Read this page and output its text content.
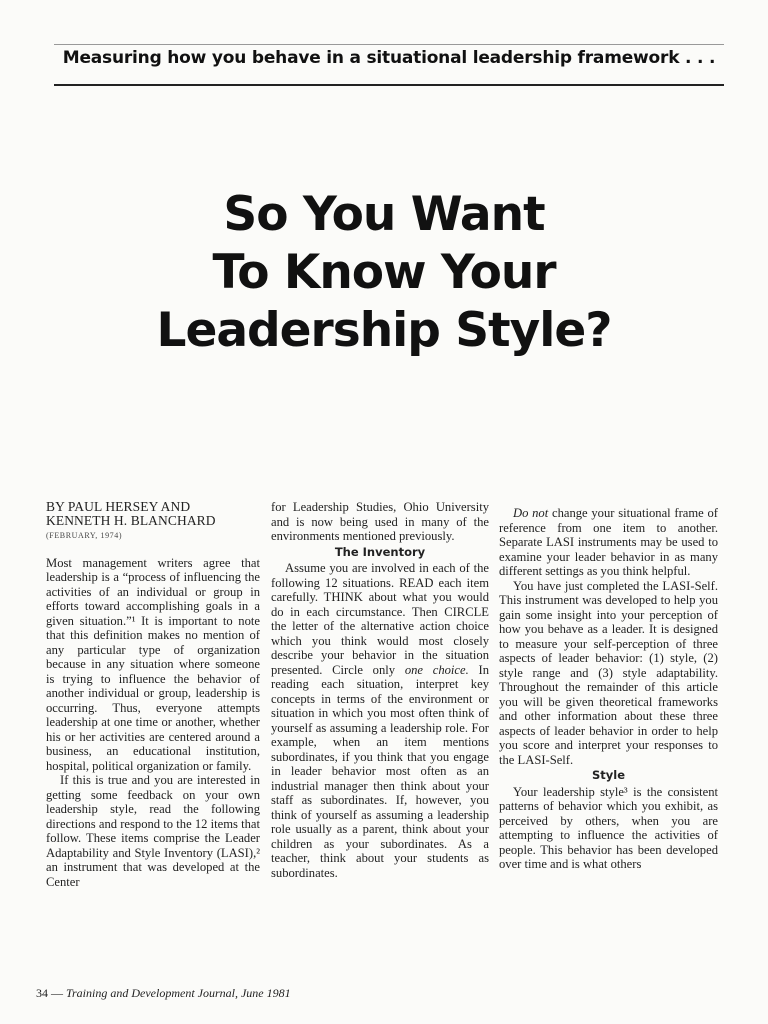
Measuring how you behave in a situational leadership framework . . .
So You Want
To Know Your
Leadership Style?
BY PAUL HERSEY AND
KENNETH H. BLANCHARD
(FEBRUARY, 1974)

Most management writers agree that leadership is a “process of influencing the activities of an individual or group in efforts toward accomplishing goals in a given situation.”¹ It is important to note that this definition makes no mention of any particular type of organization because in any situation where someone is trying to influence the behavior of another individual or group, leadership is occurring. Thus, everyone attempts leadership at one time or another, whether his or her activities are centered around a business, an educational institution, hospital, political organization or family.

If this is true and you are interested in getting some feedback on your own leadership style, read the following directions and respond to the 12 items that follow. These items comprise the Leader Adaptability and Style Inventory (LASI),² an instrument that was developed at the Center

for Leadership Studies, Ohio University and is now being used in many of the environments mentioned previously.

The Inventory

Assume you are involved in each of the following 12 situations. READ each item carefully. THINK about what you would do in each circumstance. Then CIRCLE the letter of the alternative action choice which you think would most closely describe your behavior in the situation presented. Circle only one choice. In reading each situation, interpret key concepts in terms of the environment or situation in which you most often think of yourself as assuming a leadership role. For example, when an item mentions subordinates, if you think that you engage in leader behavior most often as an industrial manager then think about your staff as subordinates. If, however, you think of yourself as assuming a leadership role usually as a parent, think about your children as your subordinates. As a teacher, think about your students as subordinates.

Do not change your situational frame of reference from one item to another. Separate LASI instruments may be used to examine your leader behavior in as many different settings as you think helpful.

You have just completed the LASI-Self. This instrument was developed to help you gain some insight into your perception of how you behave as a leader. It is designed to measure your self-perception of three aspects of leader behavior: (1) style, (2) style range and (3) style adaptability. Throughout the remainder of this article you will be given theoretical frameworks and other information about these three aspects of leader behavior in order to help you score and interpret your responses to the LASI-Self.

Style

Your leadership style³ is the consistent patterns of behavior which you exhibit, as perceived by others, when you are attempting to influence the activities of people. This behavior has been developed over time and is what others

34 — Training and Development Journal, June 1981
